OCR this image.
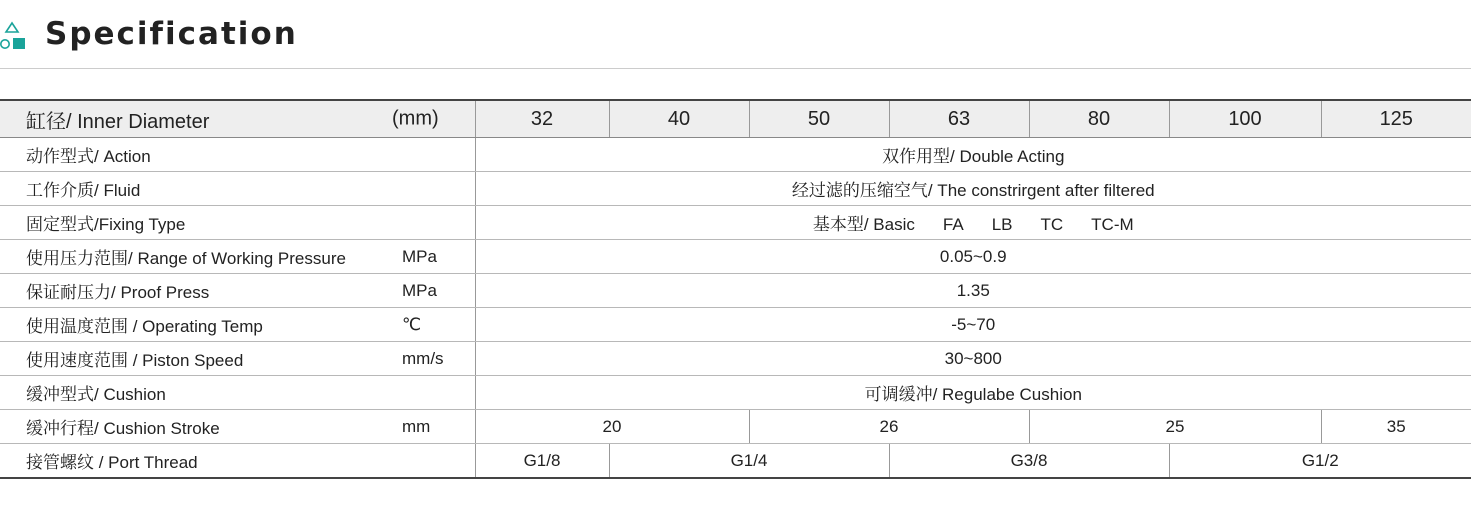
Specification
缸径/ Inner Diameter (mm)	32	40	50	63	80	100	125
动作型式/ Action	双作用型/ Double Acting						
工作介质/ Fluid	经过滤的压缩空气/ The constrirgent after filtered						
固定型式/Fixing Type	基本型/ Basic FA LB TC TC-M						
使用压力范围/ Range of Working Pressure MPa	0.05~0.9						
保证耐压力/ Proof Press MPa	1.35						
使用温度范围 / Operating Temp ℃	-5~70						
使用速度范围 / Piston Speed mm/s	30~800						
缓冲型式/ Cushion	可调缓冲/ Regulabe Cushion						
缓冲行程/ Cushion Stroke mm	20		26		25		35
接管螺纹 / Port Thread	G1/8	G1/4		G3/8		G1/2	
